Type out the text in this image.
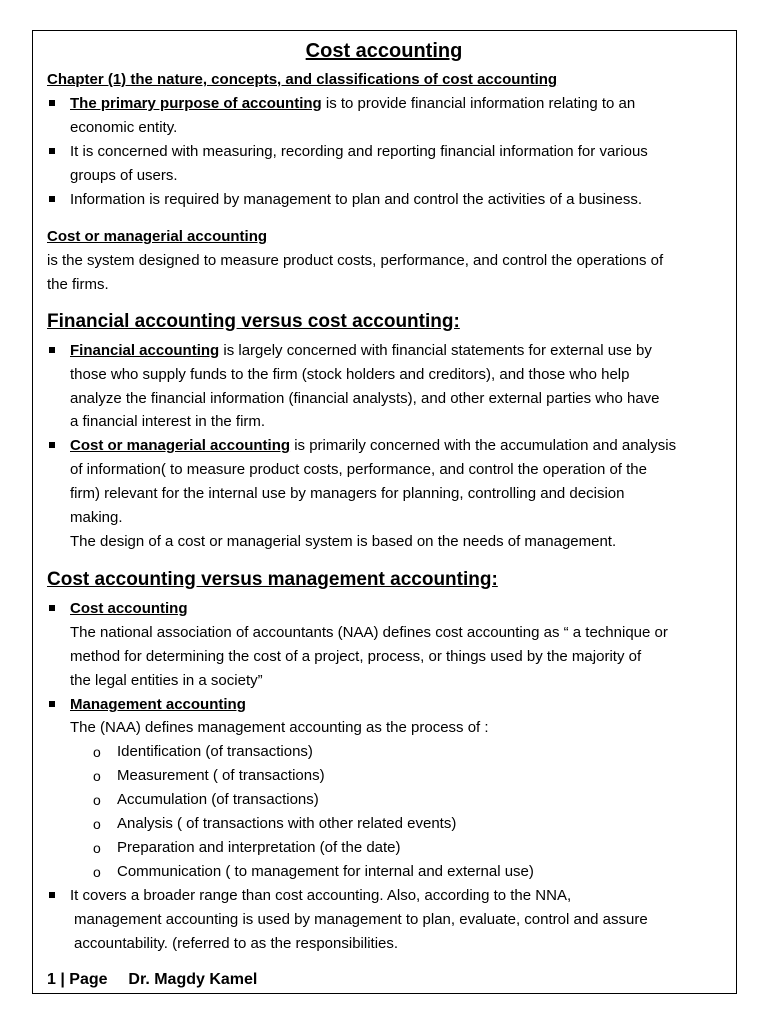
Cost accounting
Chapter (1) the nature, concepts, and classifications of cost accounting
The primary purpose of accounting is to provide financial information relating to an
economic entity.
It is concerned with measuring, recording and reporting financial information for various
groups of users.
Information is required by management to plan and control the activities of a business.
Cost or managerial accounting
is the system designed to measure product costs, performance, and control the operations of
the firms.
Financial accounting versus cost accounting:
Financial accounting is largely concerned with financial statements for external use by
those who supply funds to the firm (stock holders and creditors), and those who help
analyze the financial information (financial analysts), and other external parties who have
a financial interest in the firm.
Cost or managerial accounting is primarily concerned with the accumulation and analysis
of information( to measure product costs, performance, and control the operation of the
firm) relevant for the internal use by managers for planning, controlling and decision
making.
The design of a cost or managerial system is based on the needs of management.
Cost accounting versus management accounting:
Cost accounting
The national association of accountants (NAA) defines cost accounting as “ a technique or
method for determining the cost of a project, process, or things used by the majority of
the legal entities in a society”
Management accounting
The (NAA) defines management accounting as the process of :
o Identification (of transactions)
o Measurement ( of transactions)
o Accumulation (of transactions)
o Analysis ( of transactions with other related events)
o Preparation and interpretation (of the date)
o Communication ( to management for internal and external use)
It covers a broader range than cost accounting. Also, according to the NNA,
management accounting is used by management to plan, evaluate, control and assure
accountability. (referred to as the responsibilities.
1 | Page Dr. Magdy Kamel
